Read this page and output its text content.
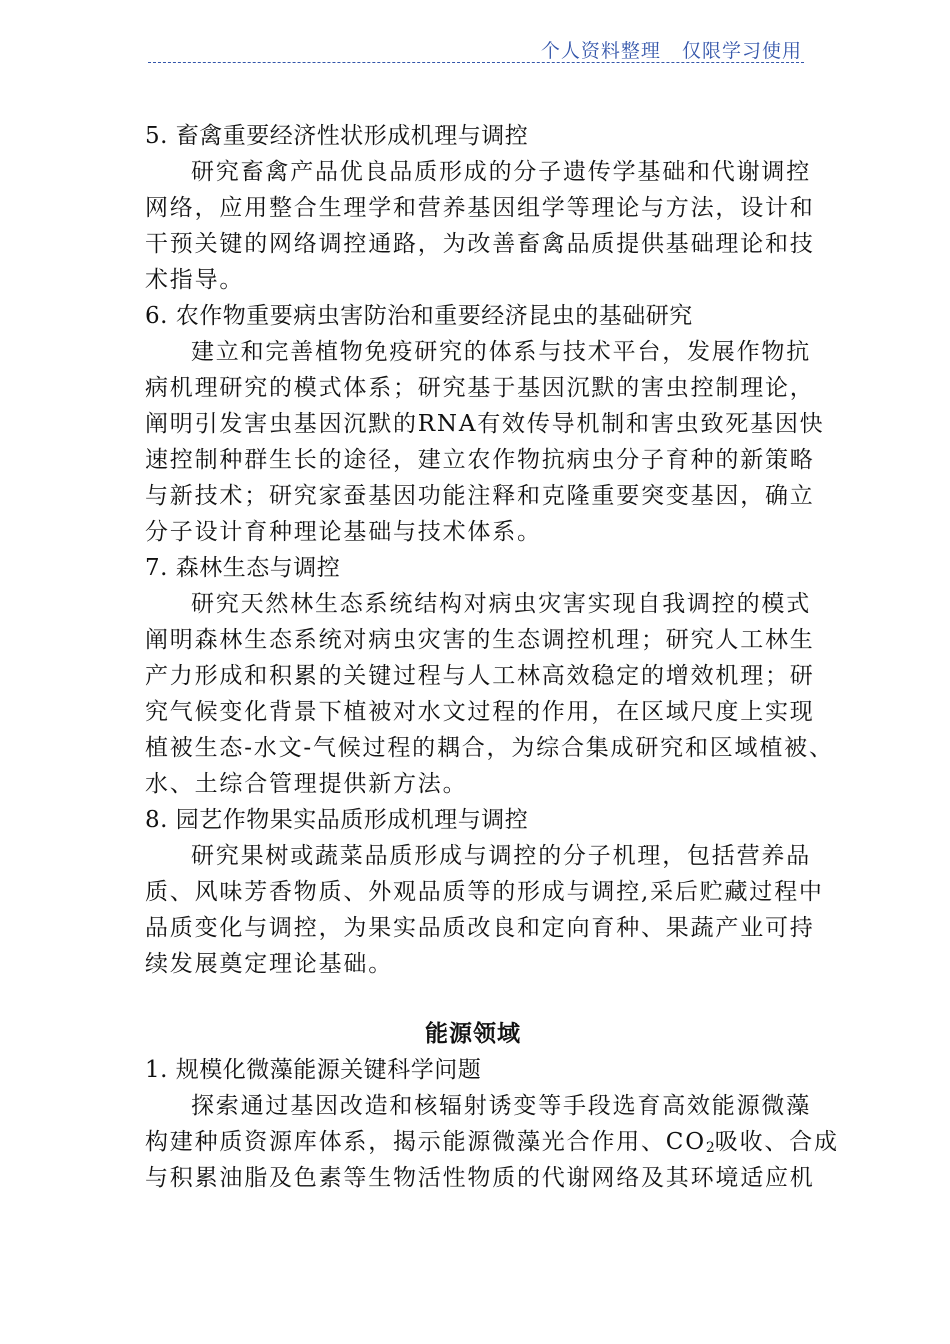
个人资料整理   仅限学习使用
5. 畜禽重要经济性状形成机理与调控
研究畜禽产品优良品质形成的分子遗传学基础和代谢调控
网络，应用整合生理学和营养基因组学等理论与方法，设计和
干预关键的网络调控通路，为改善畜禽品质提供基础理论和技
术指导。
6. 农作物重要病虫害防治和重要经济昆虫的基础研究
建立和完善植物免疫研究的体系与技术平台，发展作物抗
病机理研究的模式体系；研究基于基因沉默的害虫控制理论，
阐明引发害虫基因沉默的RNA有效传导机制和害虫致死基因快
速控制种群生长的途径，建立农作物抗病虫分子育种的新策略
与新技术；研究家蚕基因功能注释和克隆重要突变基因，确立
分子设计育种理论基础与技术体系。
7. 森林生态与调控
研究天然林生态系统结构对病虫灾害实现自我调控的模式
阐明森林生态系统对病虫灾害的生态调控机理；研究人工林生
产力形成和积累的关键过程与人工林高效稳定的增效机理；研
究气候变化背景下植被对水文过程的作用，在区域尺度上实现
植被生态-水文-气候过程的耦合，为综合集成研究和区域植被、
水、土综合管理提供新方法。
8. 园艺作物果实品质形成机理与调控
研究果树或蔬菜品质形成与调控的分子机理，包括营养品
质、风味芳香物质、外观品质等的形成与调控,采后贮藏过程中
品质变化与调控，为果实品质改良和定向育种、果蔬产业可持
续发展奠定理论基础。
能源领域
1. 规模化微藻能源关键科学问题
探索通过基因改造和核辐射诱变等手段选育高效能源微藻
构建种质资源库体系，揭示能源微藻光合作用、$CO_2$吸收、合成
与积累油脂及色素等生物活性物质的代谢网络及其环境适应机
